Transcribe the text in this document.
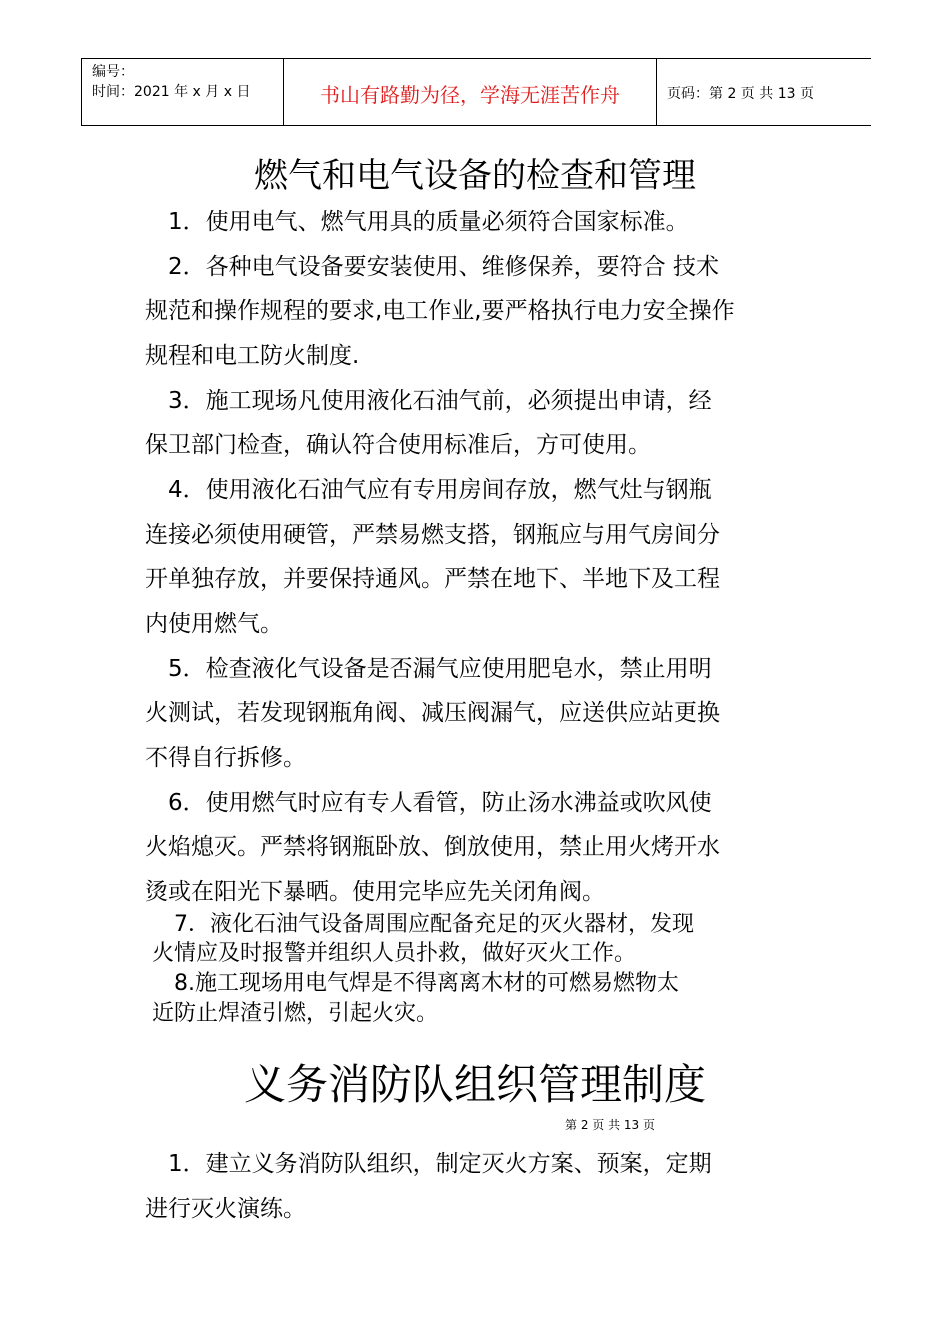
编号：
时间：2021 年 x 月 x 日	书山有路勤为径，学海无涯苦作舟	页码：第 2 页 共 13 页
燃气和电气设备的检查和管理
　1．使用电气、燃气用具的质量必须符合国家标准。
　2．各种电气设备要安装使用、维修保养，要符合 技术
规范和操作规程的要求,电工作业,要严格执行电力安全操作
规程和电工防火制度.
　3．施工现场凡使用液化石油气前，必须提出申请，经
保卫部门检查，确认符合使用标准后，方可使用。
　4．使用液化石油气应有专用房间存放，燃气灶与钢瓶
连接必须使用硬管，严禁易燃支搭，钢瓶应与用气房间分
开单独存放，并要保持通风。严禁在地下、半地下及工程
内使用燃气。
　5．检查液化气设备是否漏气应使用肥皂水，禁止用明
火测试，若发现钢瓶角阀、减压阀漏气，应送供应站更换
不得自行拆修。
　6．使用燃气时应有专人看管，防止汤水沸益或吹风使
火焰熄灭。严禁将钢瓶卧放、倒放使用，禁止用火烤开水
烫或在阳光下暴晒。使用完毕应先关闭角阀。
　7．液化石油气设备周围应配备充足的灭火器材，发现
火情应及时报警并组织人员扑救，做好灭火工作。
　8.施工现场用电气焊是不得离离木材的可燃易燃物太
近防止焊渣引燃，引起火灾。
义务消防队组织管理制度
第 2 页 共 13 页
　1．建立义务消防队组织，制定灭火方案、预案，定期
进行灭火演练。
